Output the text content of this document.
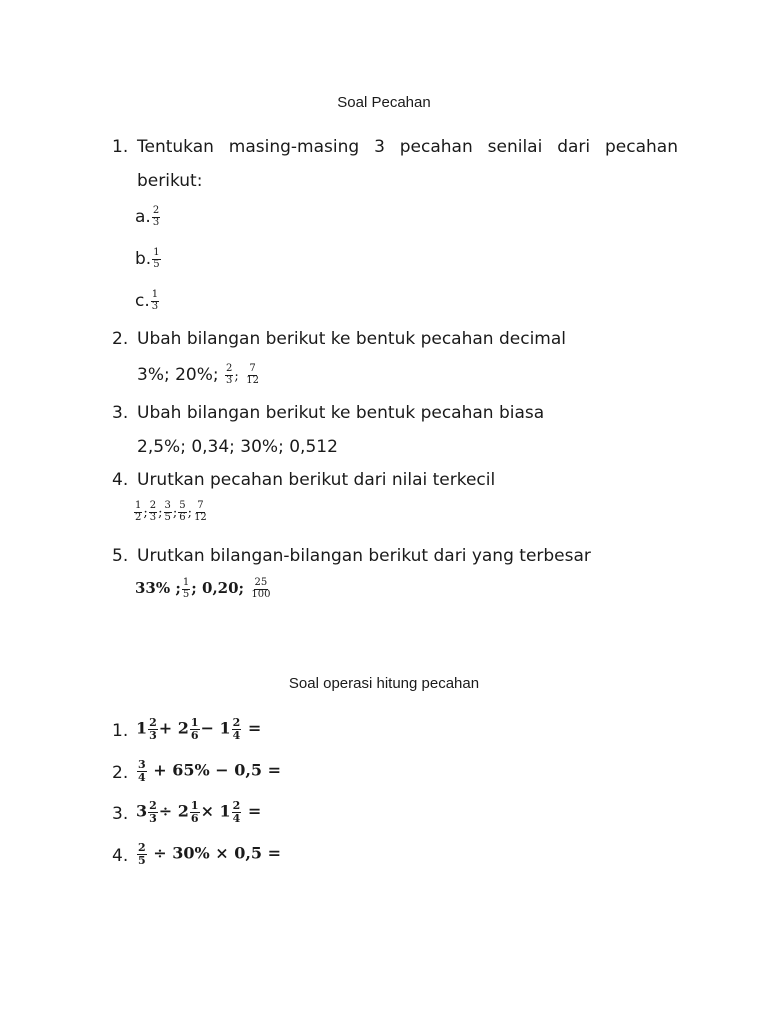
Soal Pecahan
1. Tentukan masing-masing 3 pecahan senilai dari pecahan
berikut:
a. $\frac{2}{3}$
b. $\frac{1}{5}$
c. $\frac{1}{3}$
2. Ubah bilangan berikut ke bentuk pecahan decimal
3%; 20%; $\frac{2}{3}$ ; $\frac{7}{12}$
3. Ubah bilangan berikut ke bentuk pecahan biasa
2,5%; 0,34; 30%; 0,512
4. Urutkan pecahan berikut dari nilai terkecil
$\frac{1}{2}$ ; $\frac{2}{3}$ ; $\frac{3}{5}$ ; $\frac{5}{6}$ ; $\frac{7}{12}$
5. Urutkan bilangan-bilangan berikut dari yang terbesar
33% ; $\frac{1}{5}$ ; 0,20; $\frac{25}{100}$
Soal operasi hitung pecahan
1. $1 \frac{2}{3} + 2 \frac{1}{6} - 1 \frac{2}{4}$ =
2. $\frac{3}{4} + 65\% - 0,5$ =
3. $3 \frac{2}{3} \div 2 \frac{1}{6} \times 1 \frac{2}{4}$ =
4. $\frac{2}{5} \div 30\% \times 0,5$ =
